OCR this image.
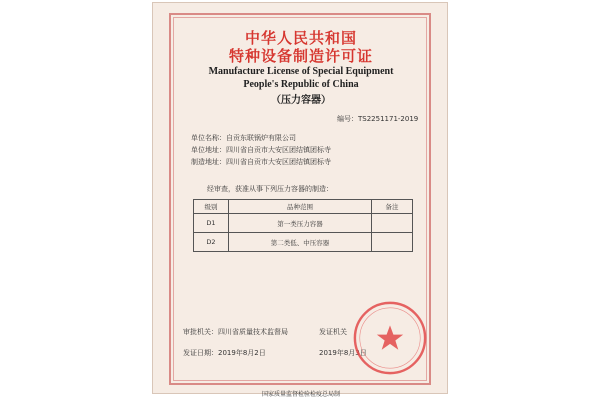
中华人民共和国
特种设备制造许可证
Manufacture License of Special Equipment
People's Republic of China
（压力容器）
编号：TS2251171-2019
单位名称：自贡东联锅炉有限公司
单位地址：四川省自贡市大安区团结镇团标寺
制造地址：四川省自贡市大安区团结镇团标寺
经审查，获准从事下列压力容器的制造：
级别	品种范围	备注
D1	第一类压力容器	
D2	第二类低、中压容器	
审批机关：四川省质量技术监督局
发证日期：2019年8月2日
发证机关
2019年8月3日
国家质量监督检验检疫总局制
